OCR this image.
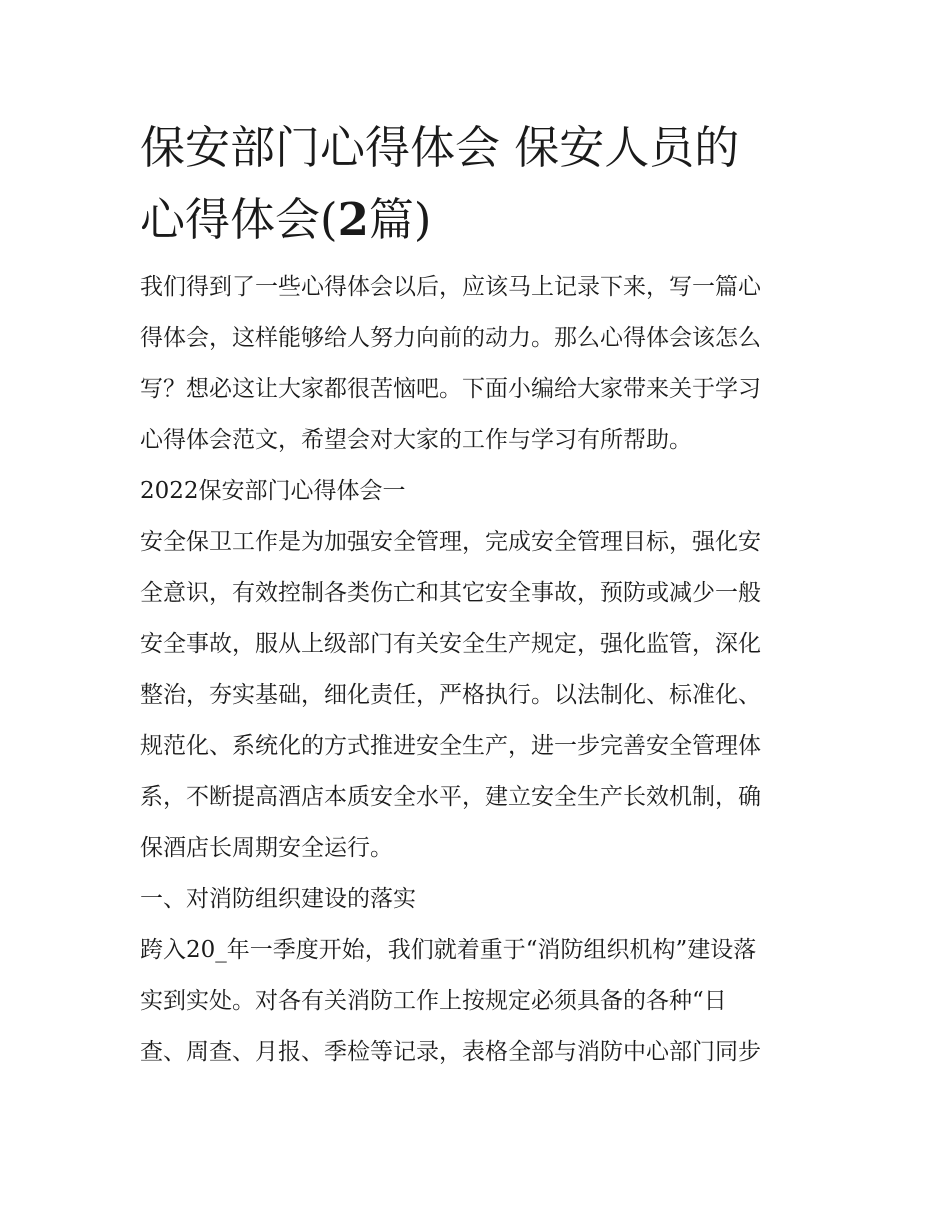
保安部门心得体会 保安人员的
心得体会(2篇)

我们得到了一些心得体会以后，应该马上记录下来，写一篇心
得体会，这样能够给人努力向前的动力。那么心得体会该怎么
写？想必这让大家都很苦恼吧。下面小编给大家带来关于学习
心得体会范文，希望会对大家的工作与学习有所帮助。

2022保安部门心得体会一

安全保卫工作是为加强安全管理，完成安全管理目标，强化安
全意识，有效控制各类伤亡和其它安全事故，预防或减少一般
安全事故，服从上级部门有关安全生产规定，强化监管，深化
整治，夯实基础，细化责任，严格执行。以法制化、标准化、
规范化、系统化的方式推进安全生产，进一步完善安全管理体
系，不断提高酒店本质安全水平，建立安全生产长效机制，确
保酒店长周期安全运行。

一、对消防组织建设的落实

跨入20_年一季度开始，我们就着重于“消防组织机构”建设落
实到实处。对各有关消防工作上按规定必须具备的各种“日
查、周查、月报、季检等记录，表格全部与消防中心部门同步
